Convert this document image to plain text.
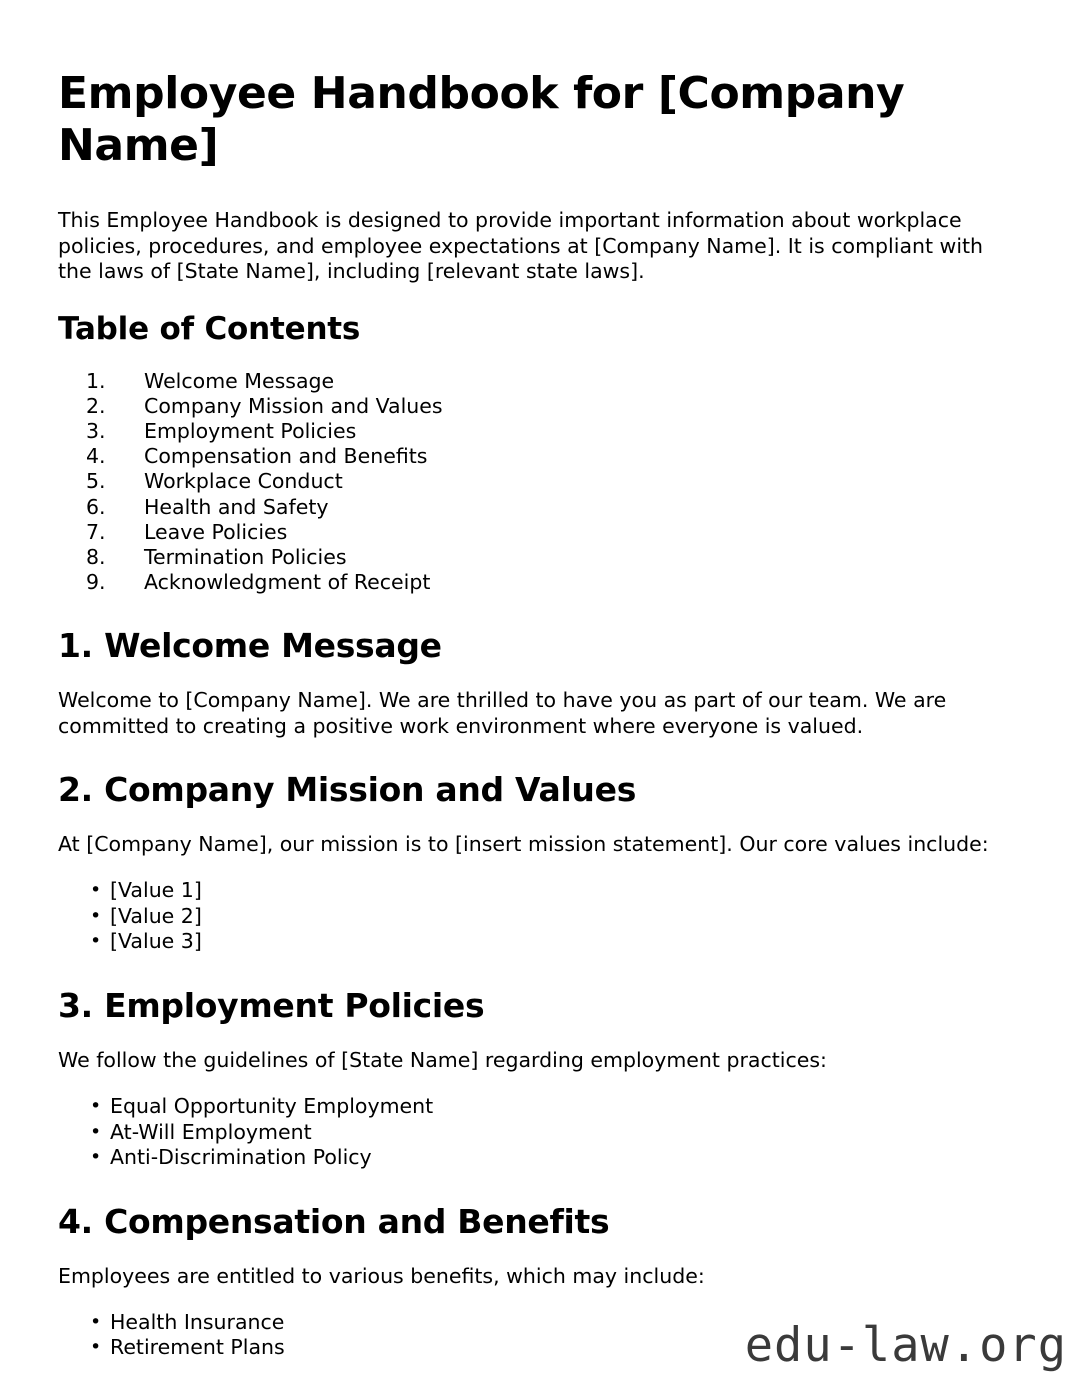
Employee Handbook for [Company Name]

This Employee Handbook is designed to provide important information about workplace policies, procedures, and employee expectations at [Company Name]. It is compliant with the laws of [State Name], including [relevant state laws].

Table of Contents
Welcome Message
Company Mission and Values
Employment Policies
Compensation and Benefits
Workplace Conduct
Health and Safety
Leave Policies
Termination Policies
Acknowledgment of Receipt
1. Welcome Message

Welcome to [Company Name]. We are thrilled to have you as part of our team. We are committed to creating a positive work environment where everyone is valued.

2. Company Mission and Values

At [Company Name], our mission is to [insert mission statement]. Our core values include:

• [Value 1]
• [Value 2]
• [Value 3]
3. Employment Policies

We follow the guidelines of [State Name] regarding employment practices:

• Equal Opportunity Employment
• At-Will Employment
• Anti-Discrimination Policy
4. Compensation and Benefits

Employees are entitled to various benefits, which may include:

• Health Insurance
• Retirement Plans	edu-law.org
